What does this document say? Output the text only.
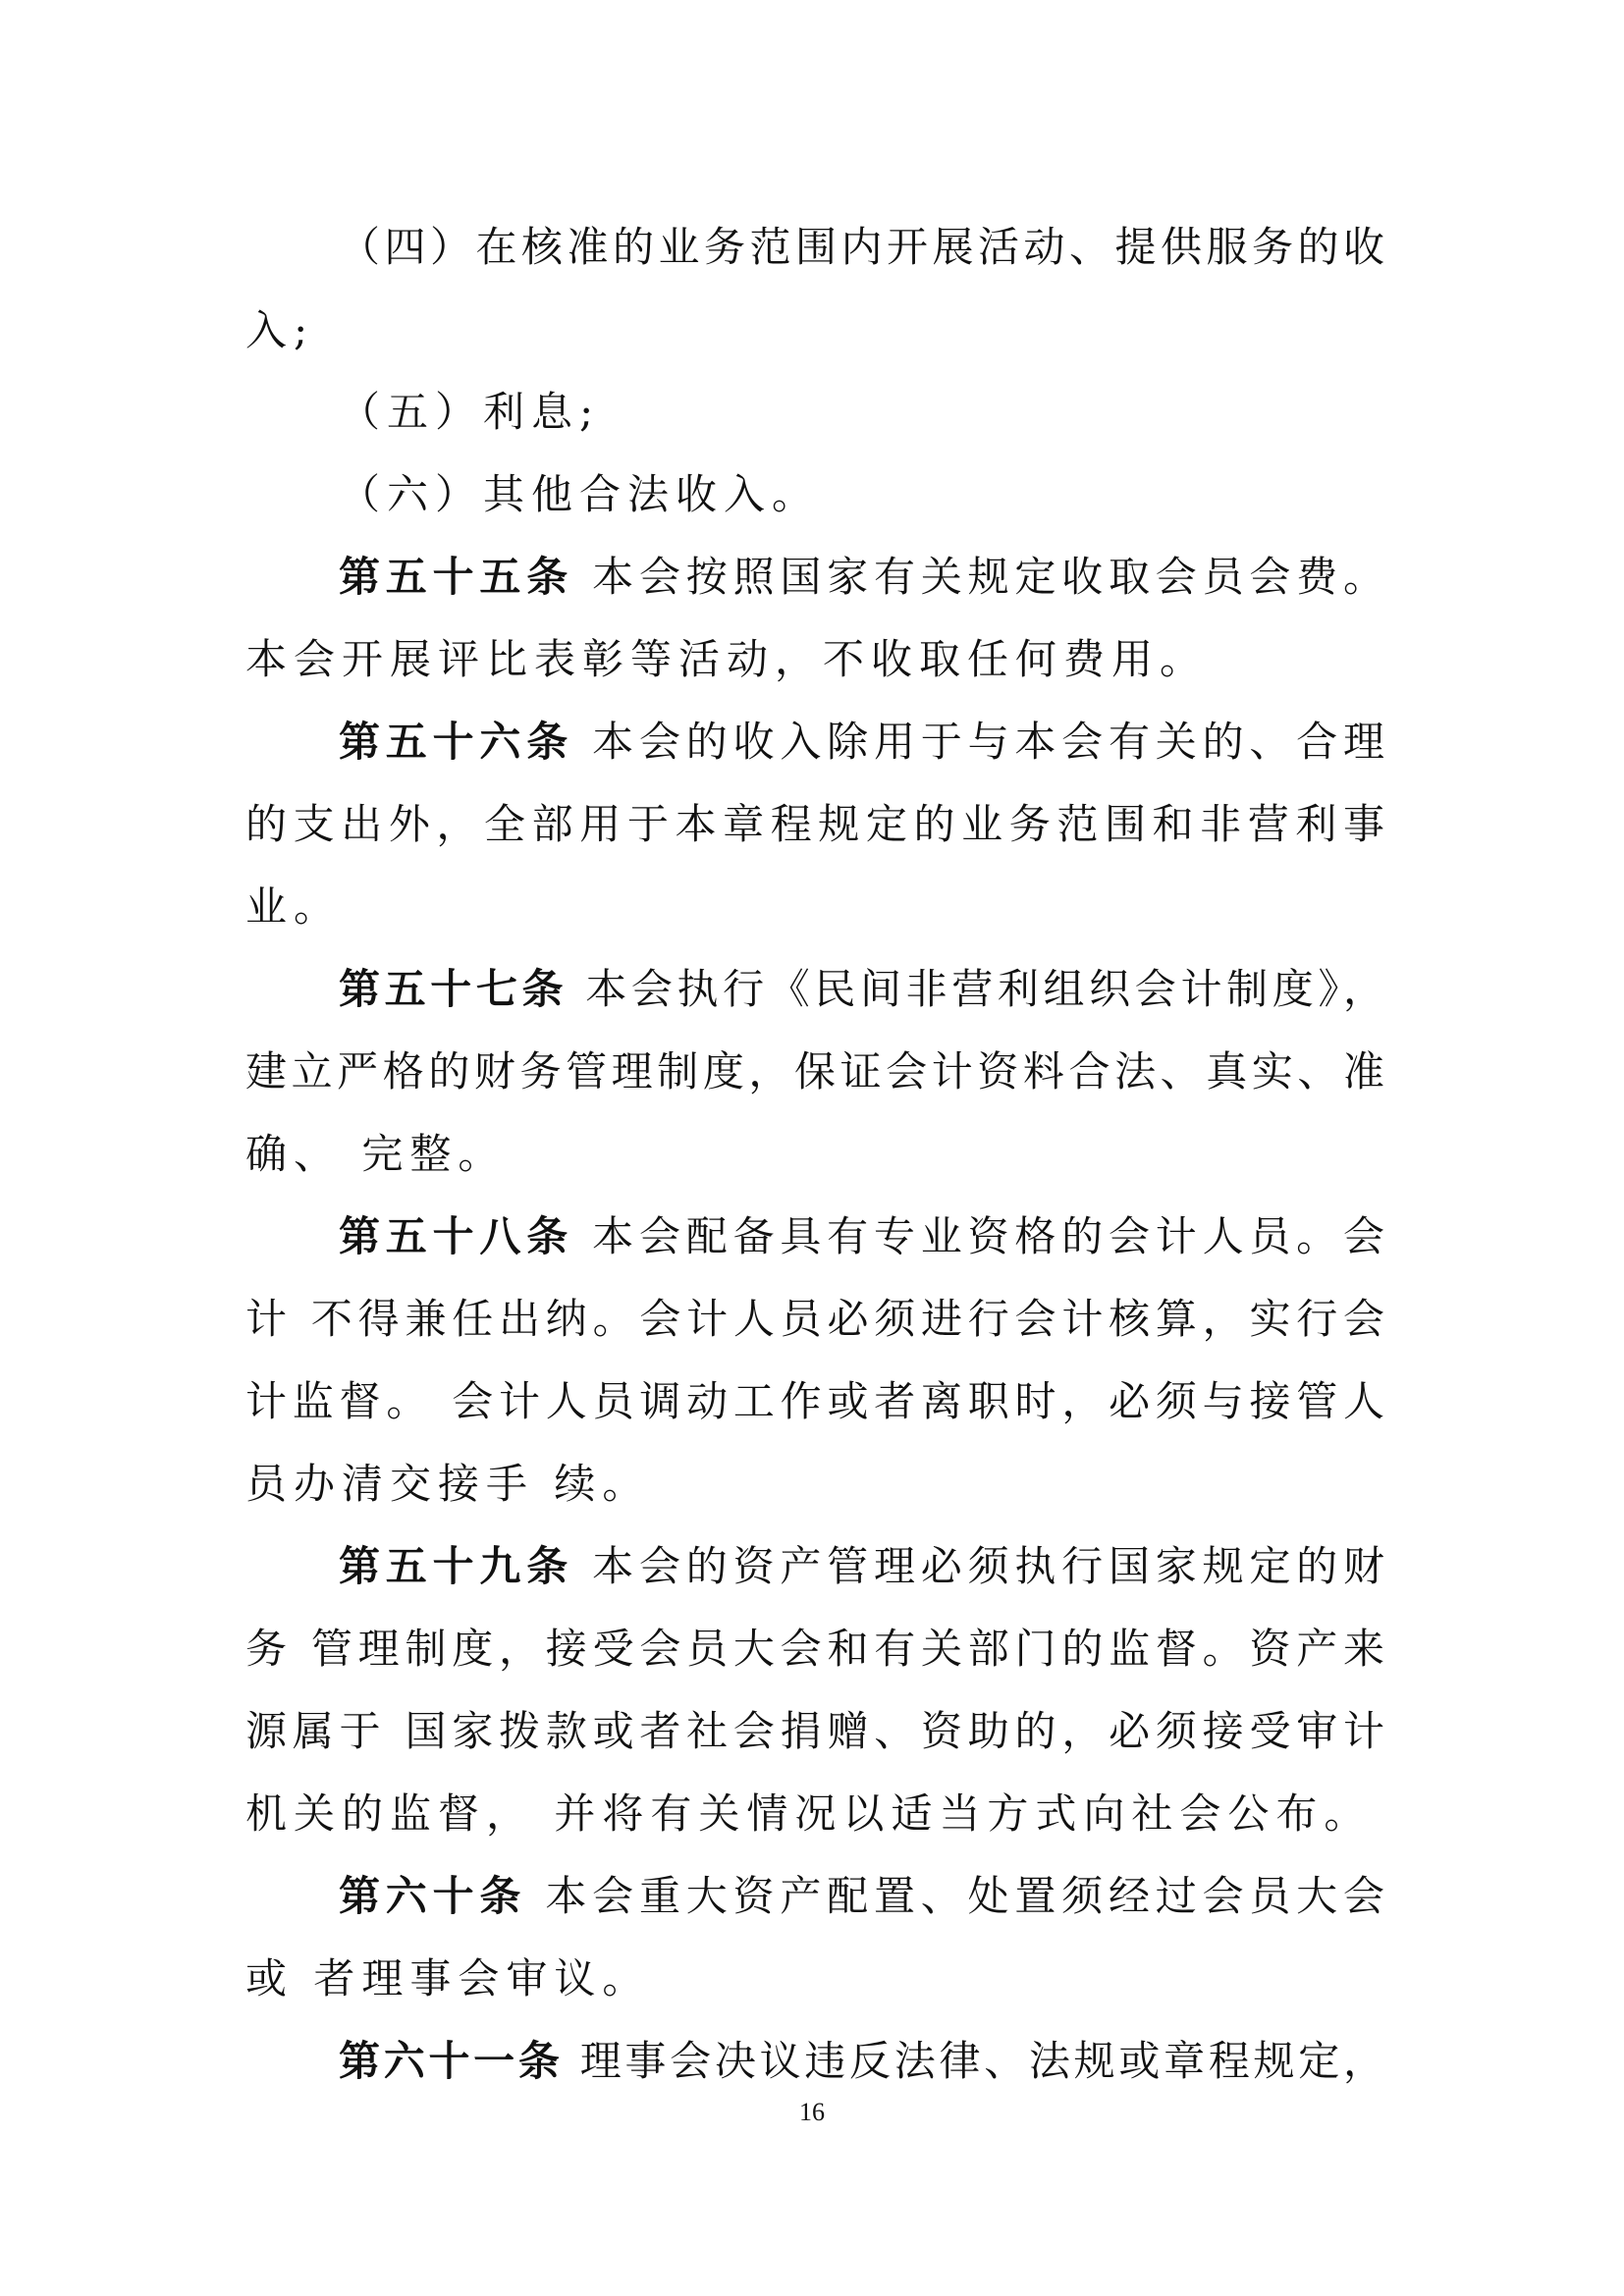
（四）在核准的业务范围内开展活动、提供服务的收
入;
（五）利息;
（六）其他合法收入。
第五十五条 本会按照国家有关规定收取会员会费。
本会开展评比表彰等活动，不收取任何费用。
第五十六条 本会的收入除用于与本会有关的、合理
的支出外，全部用于本章程规定的业务范围和非营利事
业。
第五十七条 本会执行《民间非营利组织会计制度》，
建立严格的财务管理制度，保证会计资料合法、真实、准
确、 完整。
第五十八条 本会配备具有专业资格的会计人员。会
计 不得兼任出纳。会计人员必须进行会计核算，实行会
计监督。 会计人员调动工作或者离职时，必须与接管人
员办清交接手 续。
第五十九条 本会的资产管理必须执行国家规定的财
务 管理制度，接受会员大会和有关部门的监督。资产来
源属于 国家拨款或者社会捐赠、资助的，必须接受审计
机关的监督， 并将有关情况以适当方式向社会公布。
第六十条 本会重大资产配置、处置须经过会员大会
或 者理事会审议。
第六十一条 理事会决议违反法律、法规或章程规定，
16
